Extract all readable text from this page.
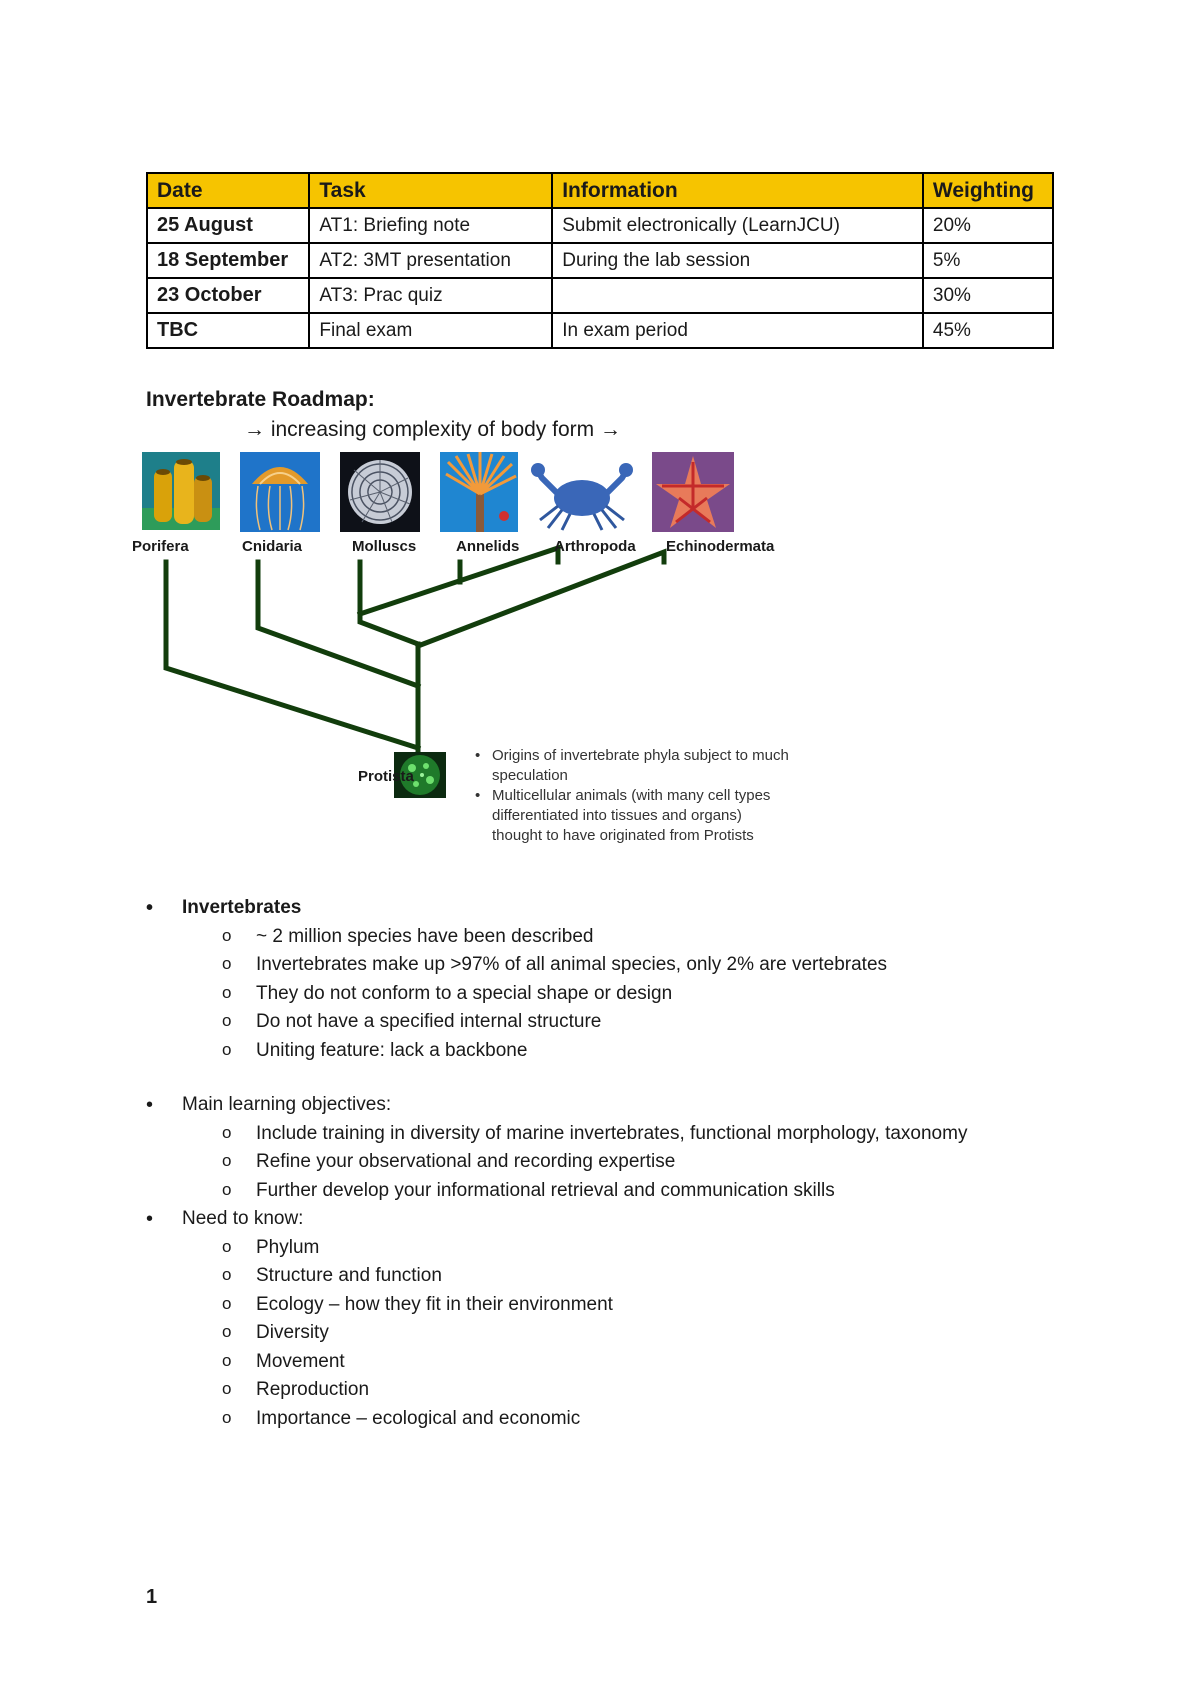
Date	Task	Information	Weighting
25 August	AT1: Briefing note	Submit electronically (LearnJCU)	20%
18 September	AT2: 3MT presentation	During the lab session	5%
23 October	AT3: Prac quiz		30%
TBC	Final exam	In exam period	45%
Invertebrate Roadmap:

→ increasing complexity of body form →

Porifera	Cnidaria	Molluscs	Annelids Arthropoda Echinodermata
Protista
• Origins of invertebrate phyla subject to much speculation
• Multicellular animals (with many cell types differentiated into tissues and organs) thought to have originated from Protists
• Invertebrates
o ~ 2 million species have been described
o Invertebrates make up >97% of all animal species, only 2% are vertebrates
o They do not conform to a special shape or design
o Do not have a specified internal structure
o Uniting feature: lack a backbone
• Main learning objectives:
o Include training in diversity of marine invertebrates, functional morphology, taxonomy
o Refine your observational and recording expertise
o Further develop your informational retrieval and communication skills
• Need to know:
o Phylum
o Structure and function
o Ecology – how they fit in their environment
o Diversity
o Movement
o Reproduction
o Importance – ecological and economic
1
